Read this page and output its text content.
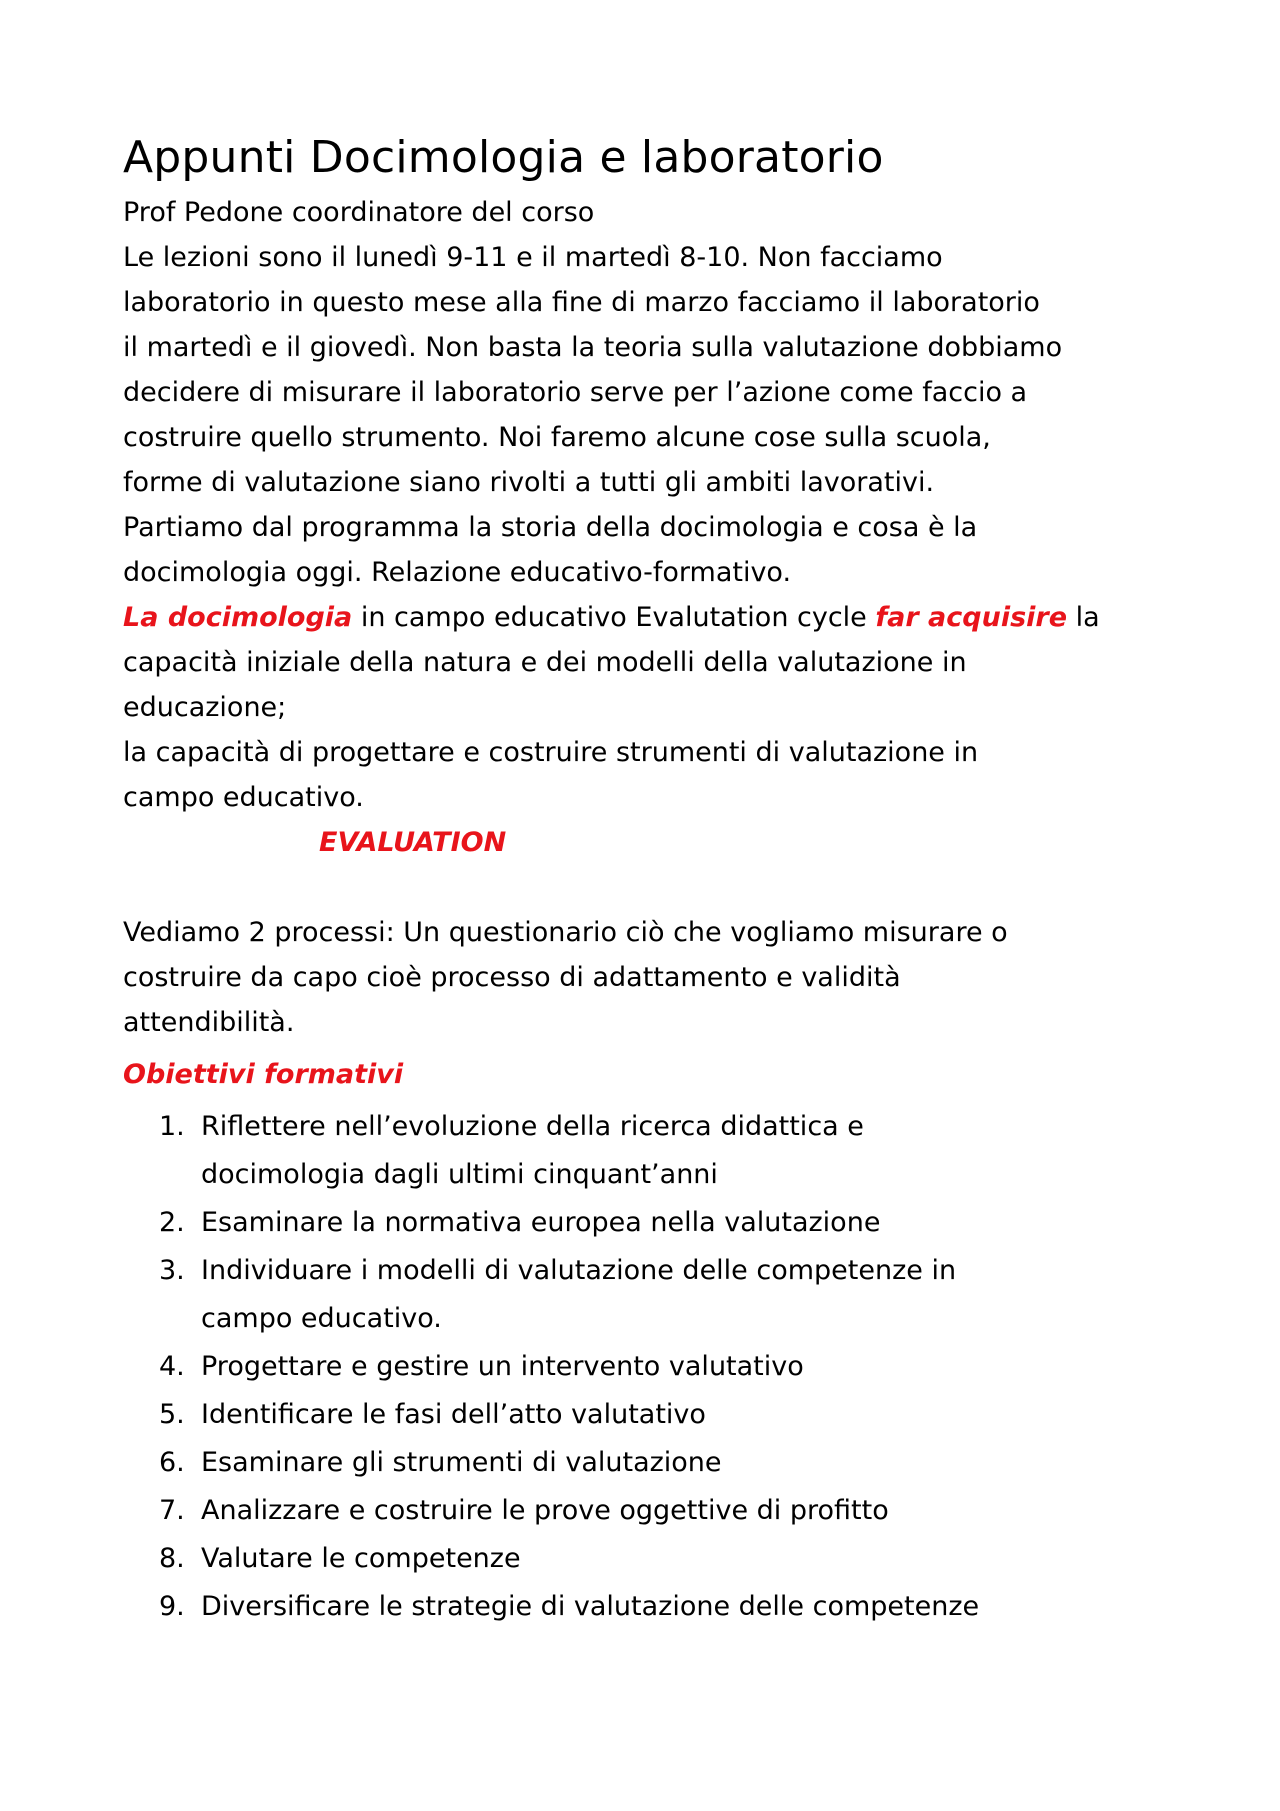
Appunti Docimologia e laboratorio

Prof Pedone coordinatore del corso

Le lezioni sono il lunedì 9-11 e il martedì 8-10. Non facciamo

laboratorio in questo mese alla fine di marzo facciamo il laboratorio

il martedì e il giovedì. Non basta la teoria sulla valutazione dobbiamo

decidere di misurare il laboratorio serve per l’azione come faccio a

costruire quello strumento. Noi faremo alcune cose sulla scuola,

forme di valutazione siano rivolti a tutti gli ambiti lavorativi.

Partiamo dal programma la storia della docimologia e cosa è la

docimologia oggi. Relazione educativo-formativo.

La docimologia in campo educativo Evalutation cycle far acquisire la

capacità iniziale della natura e dei modelli della valutazione in

educazione;

la capacità di progettare e costruire strumenti di valutazione in

campo educativo.

EVALUATION

Vediamo 2 processi: Un questionario ciò che vogliamo misurare o

costruire da capo cioè processo di adattamento e validità

attendibilità.

Obiettivi formativi
1. Riflettere nell’evoluzione della ricerca didattica e
docimologia dagli ultimi cinquant’anni
2. Esaminare la normativa europea nella valutazione
3. Individuare i modelli di valutazione delle competenze in
campo educativo.
4. Progettare e gestire un intervento valutativo
5. Identificare le fasi dell’atto valutativo
6. Esaminare gli strumenti di valutazione
7. Analizzare e costruire le prove oggettive di profitto
8. Valutare le competenze
9. Diversificare le strategie di valutazione delle competenze
